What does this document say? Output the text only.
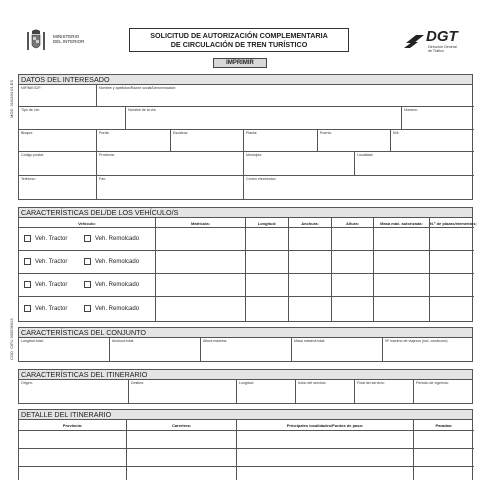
MOD. 31/0334.01.ES
COD. CIFU 300536023
MINISTERIO
DEL INTERIOR
SOLICITUD DE AUTORIZACIÓN COMPLEMENTARIA
DE CIRCULACIÓN DE TREN TURÍSTICO
IMPRIMIR
DGT
Dirección General
de Tráfico
DATOS DEL INTERESADO
NIF/NIE/CIF:	Nombre y apellidos/Razón social/Denominación:
Tipo de vía:	Nombre de la vía:	Número:
Bloque:	Portal:	Escalera:	Planta:	Puerta:	KM:
Código postal:	Provincia:	Municipio:	Localidad:
Teléfono:	Fax:	Correo electrónico:
CARACTERÍSTICAS DEL/DE LOS VEHÍCULO/S
Vehículo:	Matrícula:	Longitud:	Anchura:	Altura:	Masa máx. autorizada:	N.º de plazas/elementos:
Veh. Tractor	Veh. Remolcado
Veh. Tractor	Veh. Remolcado
Veh. Tractor	Veh. Remolcado
Veh. Tractor	Veh. Remolcado
CARACTERÍSTICAS DEL CONJUNTO
Longitud total:	Anchura total:	Altura máxima:	Masa máxima total:	Nº máximo de viajeros (incl. conductor):
CARACTERÍSTICAS DEL ITINERARIO
Origen:	Destino:	Longitud:	Inicio del servicio:	Final del servicio:	Periodo de vigencia:
DETALLE DEL ITINERARIO
Provincia:	Carretera:	Principales localidades/Puntos de paso:	Paradas:
